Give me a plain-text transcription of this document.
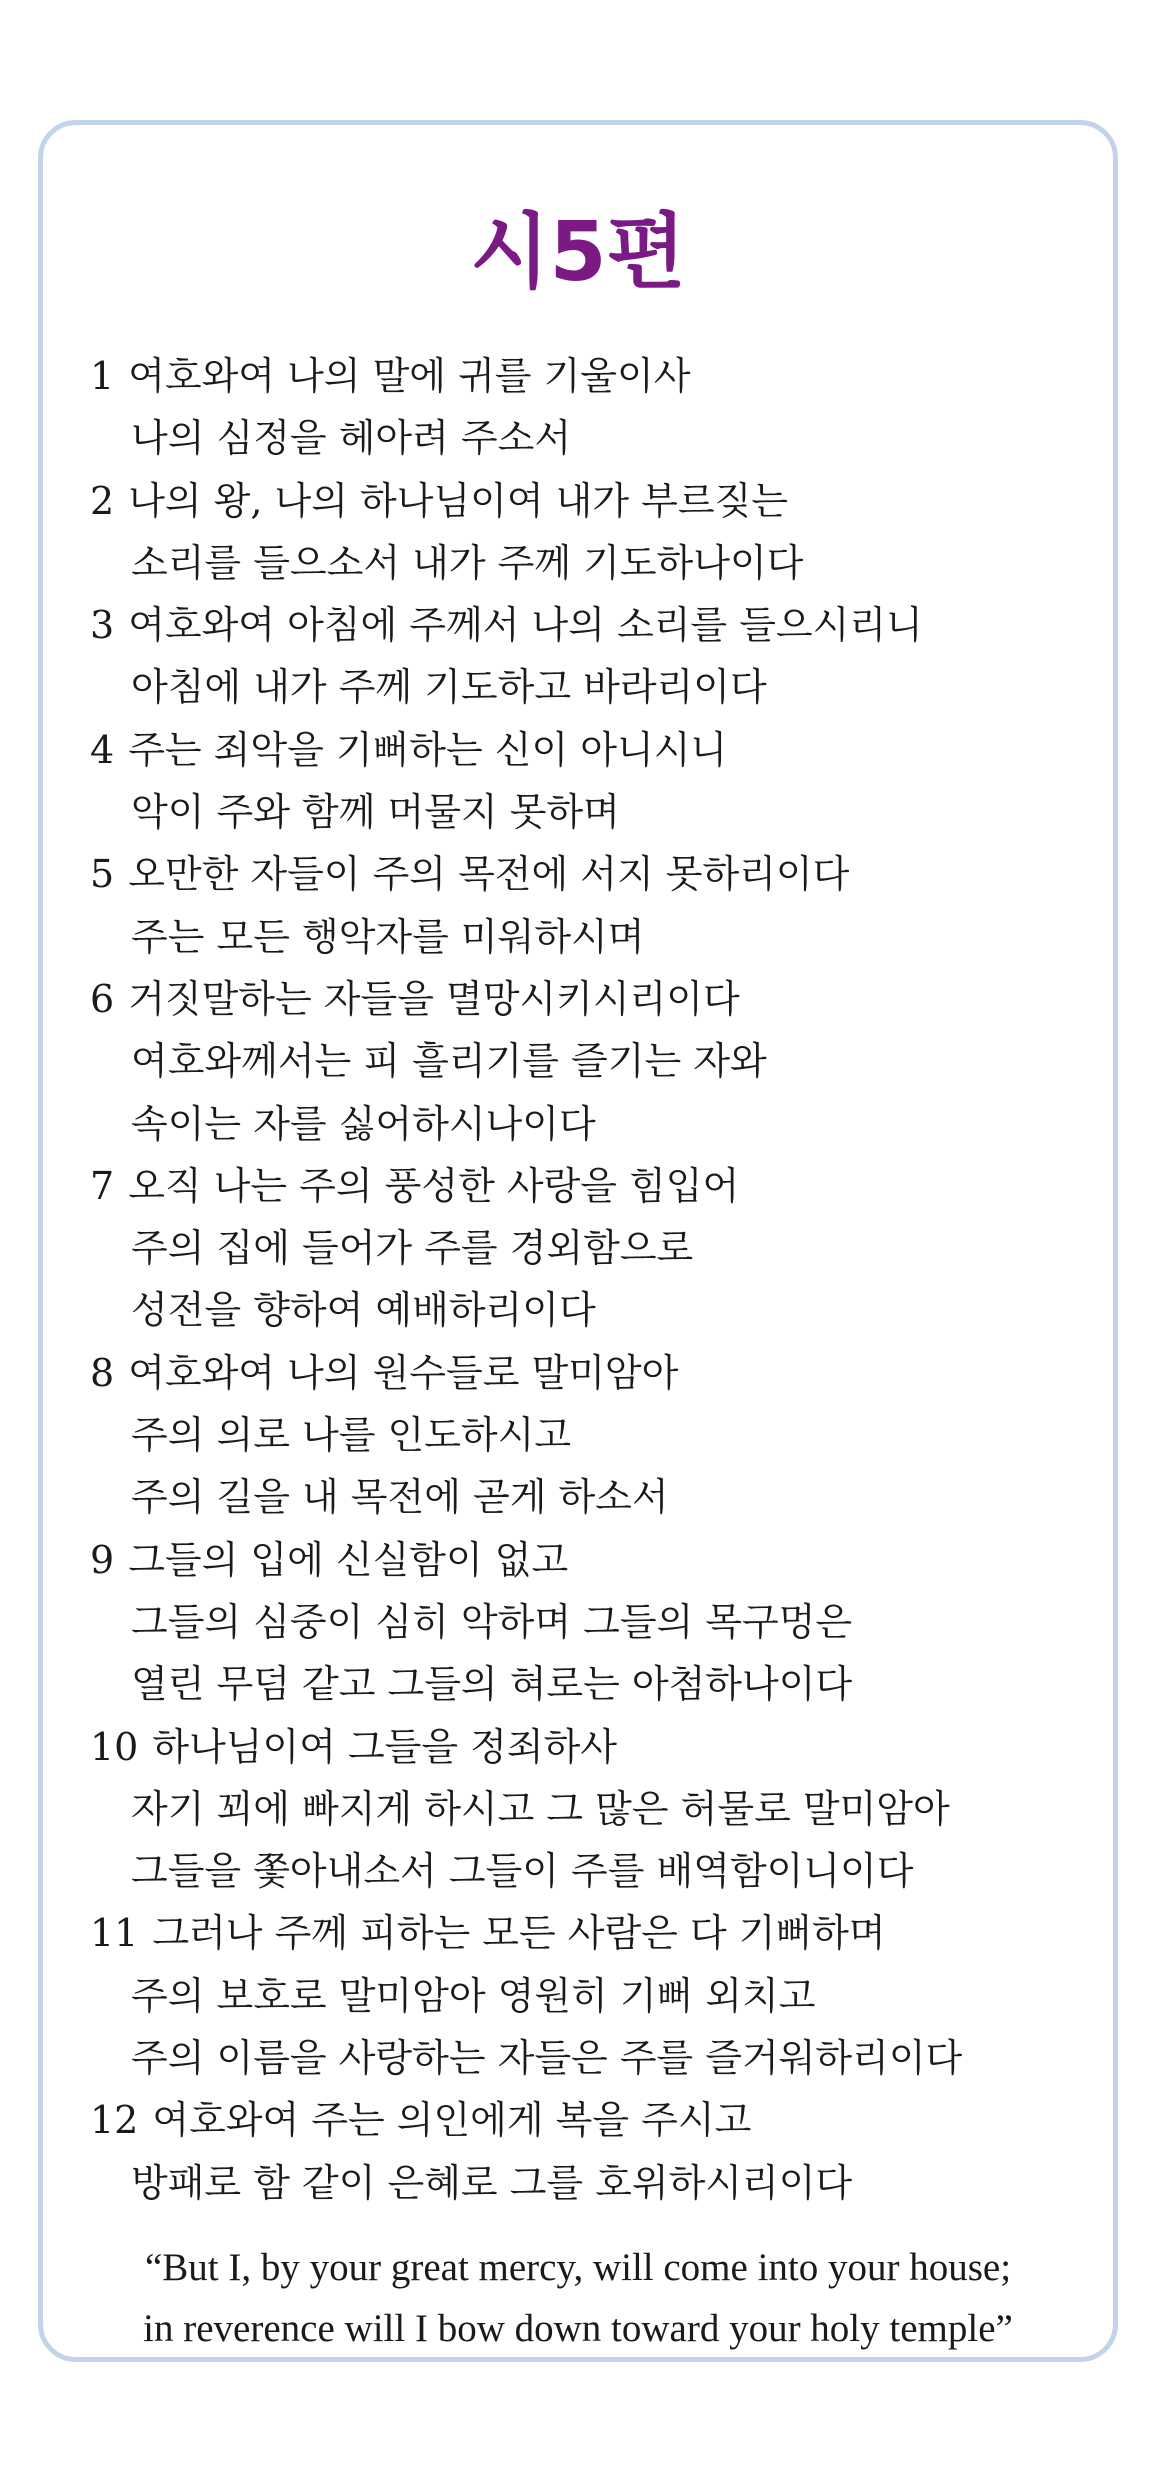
시5편
1 여호와여 나의 말에 귀를 기울이사
나의 심정을 헤아려 주소서
2 나의 왕, 나의 하나님이여 내가 부르짖는
소리를 들으소서 내가 주께 기도하나이다
3 여호와여 아침에 주께서 나의 소리를 들으시리니
아침에 내가 주께 기도하고 바라리이다
4 주는 죄악을 기뻐하는 신이 아니시니
악이 주와 함께 머물지 못하며
5 오만한 자들이 주의 목전에 서지 못하리이다
주는 모든 행악자를 미워하시며
6 거짓말하는 자들을 멸망시키시리이다
여호와께서는 피 흘리기를 즐기는 자와
속이는 자를 싫어하시나이다
7 오직 나는 주의 풍성한 사랑을 힘입어
주의 집에 들어가 주를 경외함으로
성전을 향하여 예배하리이다
8 여호와여 나의 원수들로 말미암아
주의 의로 나를 인도하시고
주의 길을 내 목전에 곧게 하소서
9 그들의 입에 신실함이 없고
그들의 심중이 심히 악하며 그들의 목구멍은
열린 무덤 같고 그들의 혀로는 아첨하나이다
10 하나님이여 그들을 정죄하사
자기 꾀에 빠지게 하시고 그 많은 허물로 말미암아
그들을 쫓아내소서 그들이 주를 배역함이니이다
11 그러나 주께 피하는 모든 사람은 다 기뻐하며
주의 보호로 말미암아 영원히 기뻐 외치고
주의 이름을 사랑하는 자들은 주를 즐거워하리이다
12 여호와여 주는 의인에게 복을 주시고
방패로 함 같이 은혜로 그를 호위하시리이다
“But I, by your great mercy, will come into your house;
in reverence will I bow down toward your holy temple”
